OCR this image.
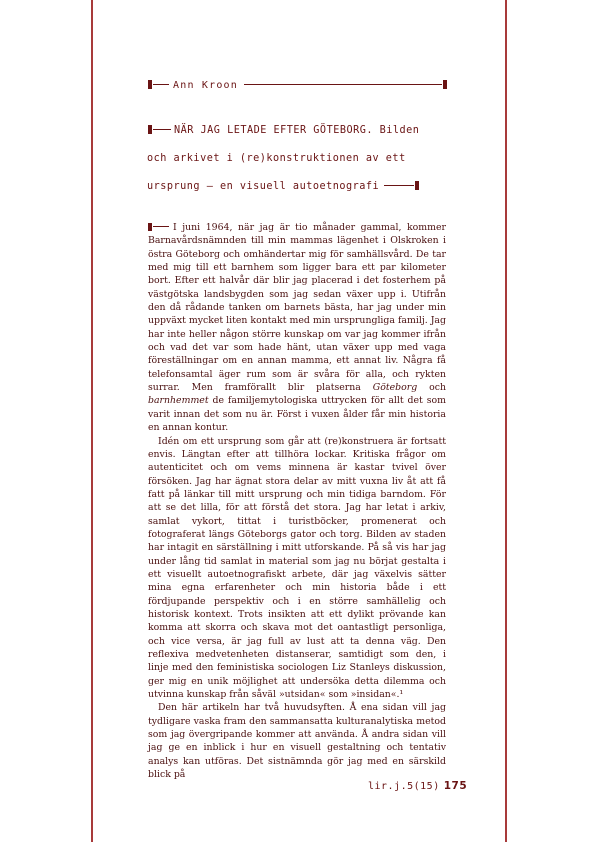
Ann Kroon
NÄR JAG LETADE EFTER GÖTEBORG. Bilden
och arkivet i (re)konstruktionen av ett
ursprung – en visuell autoetnografi

I juni 1964, när jag är tio månader gammal, kommer Barnavårdsnämnden till min mammas lägenhet i Olskroken i östra Göteborg och omhändertar mig för samhällsvård. De tar med mig till ett barnhem som ligger bara ett par kilometer bort. Efter ett halvår där blir jag placerad i det fosterhem på västgötska landsbygden som jag sedan växer upp i. Utifrån den då rådande tanken om barnets bästa, har jag under min uppväxt mycket liten kontakt med min ursprungliga familj. Jag har inte heller någon större kunskap om var jag kommer ifrån och vad det var som hade hänt, utan växer upp med vaga föreställningar om en annan mamma, ett annat liv. Några få telefonsamtal äger rum som är svåra för alla, och rykten surrar. Men framförallt blir platserna Göteborg och barnhemmet de familjemytologiska uttrycken för allt det som varit innan det som nu är. Först i vuxen ålder får min historia en annan kontur.

Idén om ett ursprung som går att (re)konstruera är fortsatt envis. Längtan efter att tillhöra lockar. Kritiska frågor om autenticitet och om vems minnena är kastar tvivel över försöken. Jag har ägnat stora delar av mitt vuxna liv åt att få fatt på länkar till mitt ursprung och min tidiga barndom. För att se det lilla, för att förstå det stora. Jag har letat i arkiv, samlat vykort, tittat i turistböcker, promenerat och fotograferat längs Göteborgs gator och torg. Bilden av staden har intagit en särställning i mitt utforskande. På så vis har jag under lång tid samlat in material som jag nu börjat gestalta i ett visuellt autoetnografiskt arbete, där jag växelvis sätter mina egna erfarenheter och min historia både i ett fördjupande perspektiv och i en större samhällelig och historisk kontext. Trots insikten att ett dylikt prövande kan komma att skorra och skava mot det oantastligt personliga, och vice versa, är jag full av lust att ta denna väg. Den reflexiva medvetenheten distanserar, samtidigt som den, i linje med den feministiska sociologen Liz Stanleys diskussion, ger mig en unik möjlighet att undersöka detta dilemma och utvinna kunskap från såväl »utsidan« som »insidan«.¹

Den här artikeln har två huvudsyften. Å ena sidan vill jag tydligare vaska fram den sammansatta kulturanalytiska metod som jag övergripande kommer att använda. Å andra sidan vill jag ge en inblick i hur en visuell gestaltning och tentativ analys kan utföras. Det sistnämnda gör jag med en särskild blick på

lir.j.5(15) 175
